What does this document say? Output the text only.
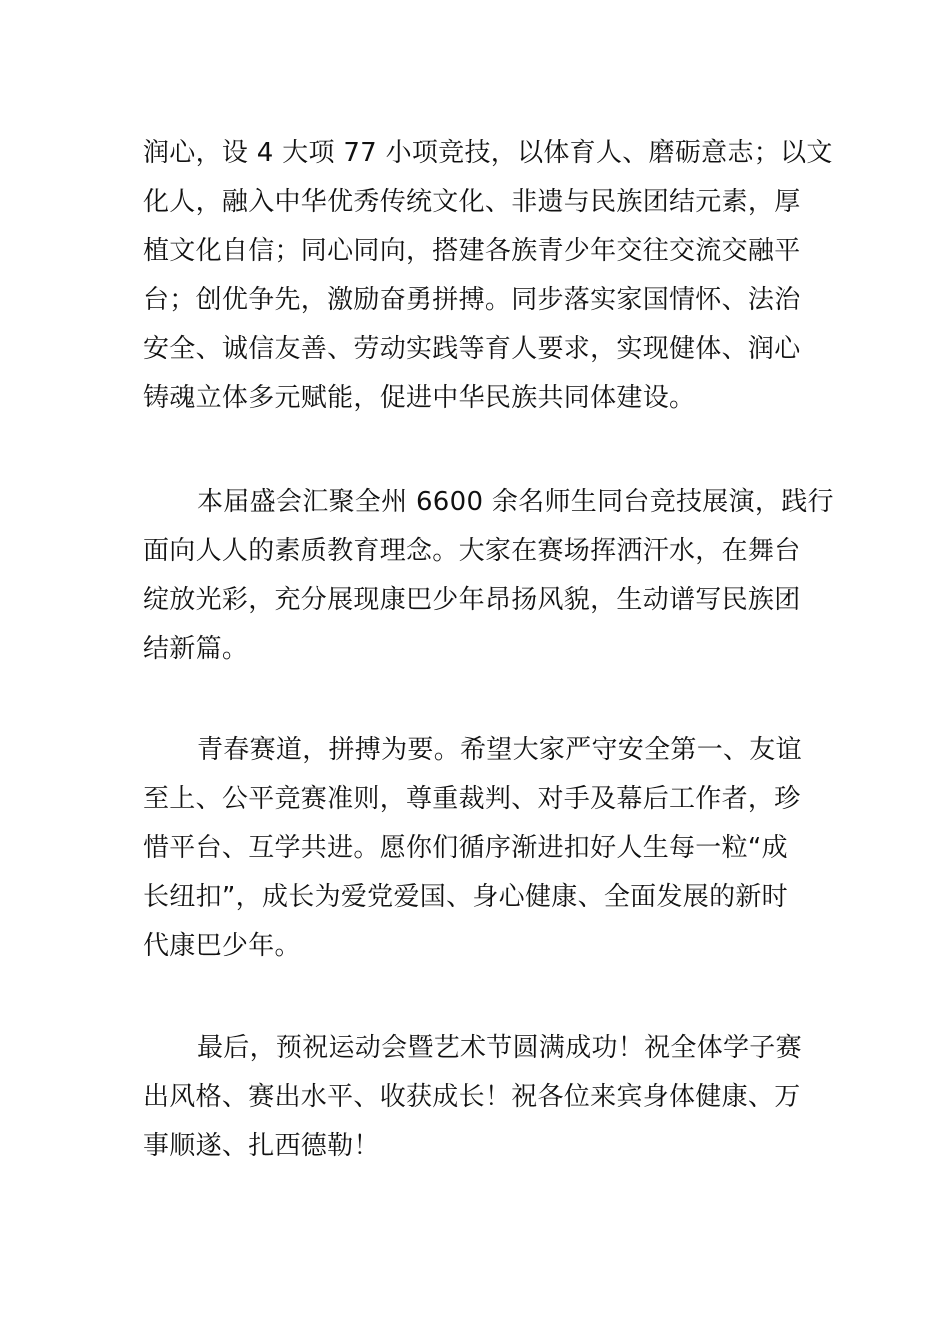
润心，设 4 大项 77 小项竞技，以体育人、磨砺意志；以文
化人，融入中华优秀传统文化、非遗与民族团结元素，厚
植文化自信；同心同向，搭建各族青少年交往交流交融平
台；创优争先，激励奋勇拼搏。同步落实家国情怀、法治
安全、诚信友善、劳动实践等育人要求，实现健体、润心
铸魂立体多元赋能，促进中华民族共同体建设。

本届盛会汇聚全州 6600 余名师生同台竞技展演，践行
面向人人的素质教育理念。大家在赛场挥洒汗水，在舞台
绽放光彩，充分展现康巴少年昂扬风貌，生动谱写民族团
结新篇。

青春赛道，拼搏为要。希望大家严守安全第一、友谊
至上、公平竞赛准则，尊重裁判、对手及幕后工作者，珍
惜平台、互学共进。愿你们循序渐进扣好人生每一粒“成
长纽扣”，成长为爱党爱国、身心健康、全面发展的新时
代康巴少年。

最后，预祝运动会暨艺术节圆满成功！祝全体学子赛
出风格、赛出水平、收获成长！祝各位来宾身体健康、万
事顺遂、扎西德勒！
